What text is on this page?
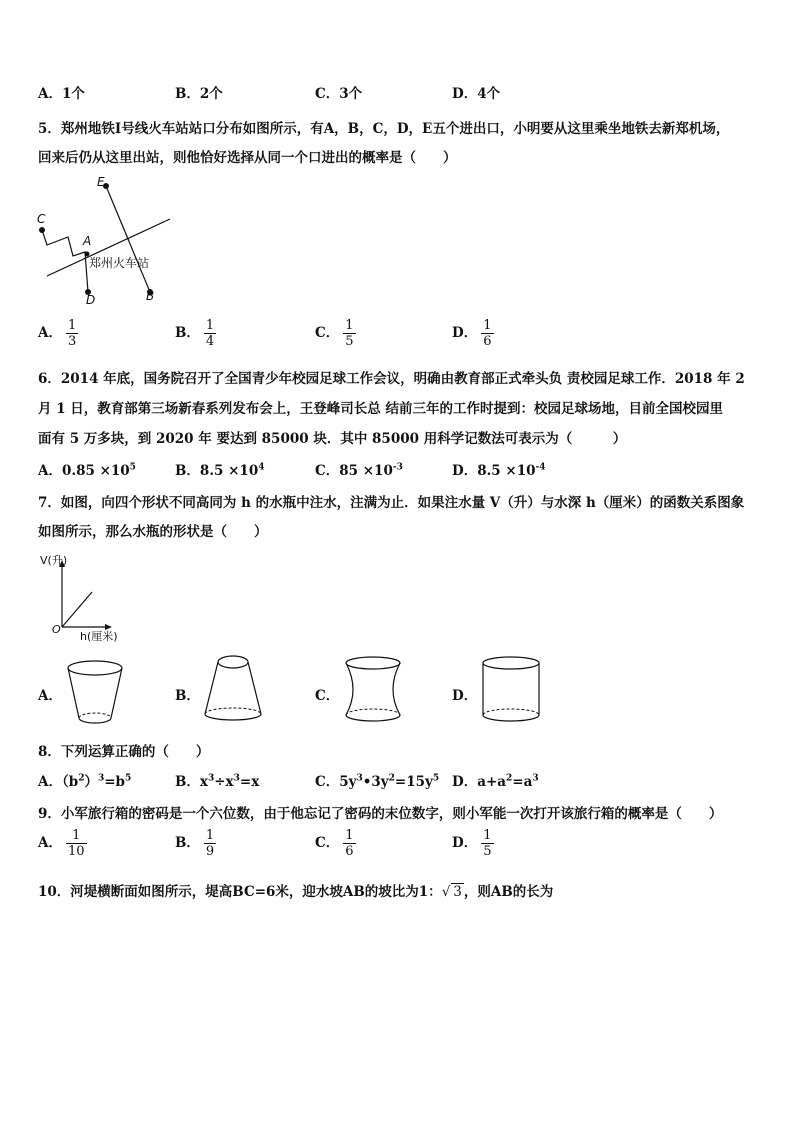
A．1个	B．2个	C．3个	D．4个
5．郑州地铁Ⅰ号线火车站站口分布如图所示，有A，B，C，D，E五个进出口，小明要从这里乘坐地铁去新郑机场，
回来后仍从这里出站，则他恰好选择从同一个口进出的概率是（　　）
E
C
A
D	B
郑州火车站
A． $\frac{1}{3}$	B． $\frac{1}{4}$	C． $\frac{1}{5}$	D． $\frac{1}{6}$
6．2014 年底，国务院召开了全国青少年校园足球工作会议，明确由教育部正式牵头负 责校园足球工作．2018 年 2
月 1 日，教育部第三场新春系列发布会上，王登峰司长总 结前三年的工作时提到：校园足球场地，目前全国校园里
面有 5 万多块，到 2020 年 要达到 85000 块．其中 85000 用科学记数法可表示为（　　　）
A．$0.85 \times 10^5$	B．$8.5 \times 10^4$	C．$85 \times 10^{-3}$	D．$8.5 \times 10^{-4}$
7．如图，向四个形状不同高同为 h 的水瓶中注水，注满为止．如果注水量 V（升）与水深 h（厘米）的函数关系图象
如图所示，那么水瓶的形状是（　　）
V(升)
O
h(厘米)
A．	B．	C．	D．
8．下列运算正确的（　　）
A．$(b^2)^3=b^5$	B．$x^3\div x^3=x$	C．$5y^3•3y^2=15y^5$ D．$a+a^2=a^3$
9．小军旅行箱的密码是一个六位数，由于他忘记了密码的末位数字，则小军能一次打开该旅行箱的概率是（　　）
A． $\frac{1}{10}$	B． $\frac{1}{9}$	C． $\frac{1}{6}$	D． $\frac{1}{5}$
10．河堤横断面如图所示，堤高BC=6米，迎水坡AB的坡比为1：√ 3 ，则AB的长为
